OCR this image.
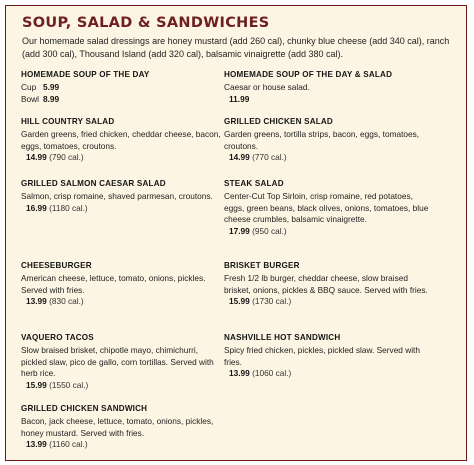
SOUP, SALAD & SANDWICHES
Our homemade salad dressings are honey mustard (add 260 cal), chunky blue cheese (add 340 cal), ranch (add 300 cal), Thousand Island (add 320 cal), balsamic vinaigrette (add 380 cal).
HOMEMADE SOUP OF THE DAY
Cup 5.99
Bowl 8.99
HOMEMADE SOUP OF THE DAY & SALAD
Caesar or house salad.
11.99
HILL COUNTRY SALAD
Garden greens, fried chicken, cheddar cheese, bacon, eggs, tomatoes, croutons.
14.99 (790 cal.)
GRILLED CHICKEN SALAD
Garden greens, tortilla strips, bacon, eggs, tomatoes, croutons.
14.99 (770 cal.)
GRILLED SALMON CAESAR SALAD
Salmon, crisp romaine, shaved parmesan, croutons.
16.99 (1180 cal.)
STEAK SALAD
Center-Cut Top Sirloin, crisp romaine, red potatoes, eggs, green beans, black olives, onions, tomatoes, blue cheese crumbles, balsamic vinaigrette.
17.99 (950 cal.)
CHEESEBURGER
American cheese, lettuce, tomato, onions, pickles. Served with fries.
13.99 (830 cal.)
BRISKET BURGER
Fresh 1/2 lb burger, cheddar cheese, slow braised brisket, onions, pickles & BBQ sauce. Served with fries.
15.99 (1730 cal.)
VAQUERO TACOS
Slow braised brisket, chipotle mayo, chimichurri, pickled slaw, pico de gallo, corn tortillas. Served with herb rice.
15.99 (1550 cal.)
NASHVILLE HOT SANDWICH
Spicy fried chicken, pickles, pickled slaw. Served with fries.
13.99 (1060 cal.)
GRILLED CHICKEN SANDWICH
Bacon, jack cheese, lettuce, tomato, onions, pickles, honey mustard. Served with fries.
13.99 (1160 cal.)
